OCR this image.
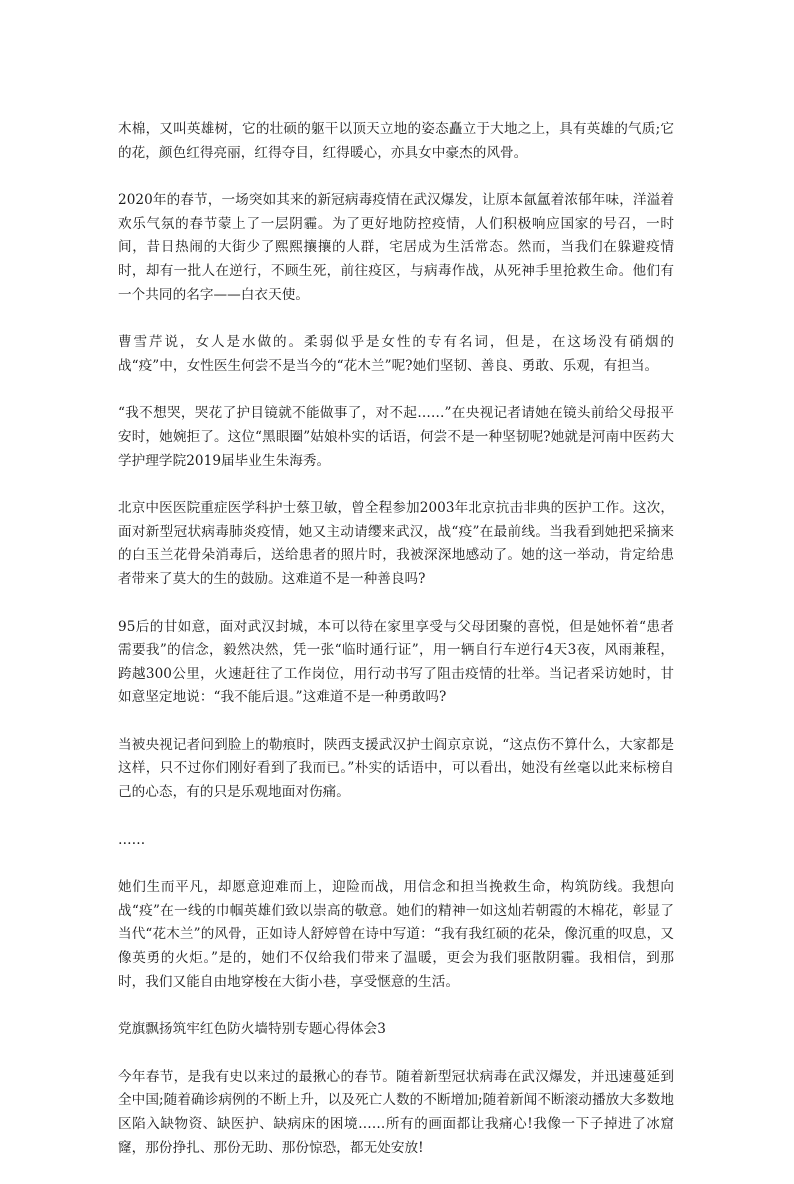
木棉，又叫英雄树，它的壮硕的躯干以顶天立地的姿态矗立于大地之上，具有英雄的气质;它的花，颜色红得亮丽，红得夺目，红得暖心，亦具女中豪杰的风骨。

2020年的春节，一场突如其来的新冠病毒疫情在武汉爆发，让原本氤氲着浓郁年味，洋溢着欢乐气氛的春节蒙上了一层阴霾。为了更好地防控疫情，人们积极响应国家的号召，一时间，昔日热闹的大街少了熙熙攘攘的人群，宅居成为生活常态。然而，当我们在躲避疫情时，却有一批人在逆行，不顾生死，前往疫区，与病毒作战，从死神手里抢救生命。他们有一个共同的名字——白衣天使。

曹雪芹说，女人是水做的。柔弱似乎是女性的专有名词，但是，在这场没有硝烟的战“疫”中，女性医生何尝不是当今的“花木兰”呢?她们坚韧、善良、勇敢、乐观，有担当。

“我不想哭，哭花了护目镜就不能做事了，对不起……”在央视记者请她在镜头前给父母报平安时，她婉拒了。这位“黑眼圈”姑娘朴实的话语，何尝不是一种坚韧呢?她就是河南中医药大学护理学院2019届毕业生朱海秀。

北京中医医院重症医学科护士蔡卫敏，曾全程参加2003年北京抗击非典的医护工作。这次，面对新型冠状病毒肺炎疫情，她又主动请缨来武汉，战“疫”在最前线。当我看到她把采摘来的白玉兰花骨朵消毒后，送给患者的照片时，我被深深地感动了。她的这一举动，肯定给患者带来了莫大的生的鼓励。这难道不是一种善良吗?

95后的甘如意，面对武汉封城，本可以待在家里享受与父母团聚的喜悦，但是她怀着“患者需要我”的信念，毅然决然，凭一张“临时通行证”，用一辆自行车逆行4天3夜，风雨兼程，跨越300公里，火速赶往了工作岗位，用行动书写了阻击疫情的壮举。当记者采访她时，甘如意坚定地说：“我不能后退。”这难道不是一种勇敢吗?

当被央视记者问到脸上的勒痕时，陕西支援武汉护士阎京京说，“这点伤不算什么，大家都是这样，只不过你们刚好看到了我而已。”朴实的话语中，可以看出，她没有丝毫以此来标榜自己的心态，有的只是乐观地面对伤痛。

……

她们生而平凡，却愿意迎难而上，迎险而战，用信念和担当挽救生命，构筑防线。我想向战“疫”在一线的巾帼英雄们致以崇高的敬意。她们的精神一如这灿若朝霞的木棉花，彰显了当代“花木兰”的风骨，正如诗人舒婷曾在诗中写道：“我有我红硕的花朵，像沉重的叹息，又像英勇的火炬。”是的，她们不仅给我们带来了温暖，更会为我们驱散阴霾。我相信，到那时，我们又能自由地穿梭在大街小巷，享受惬意的生活。

党旗飘扬筑牢红色防火墙特别专题心得体会3

今年春节，是我有史以来过的最揪心的春节。随着新型冠状病毒在武汉爆发，并迅速蔓延到全中国;随着确诊病例的不断上升，以及死亡人数的不断增加;随着新闻不断滚动播放大多数地区陷入缺物资、缺医护、缺病床的困境……所有的画面都让我痛心!我像一下子掉进了冰窟窿，那份挣扎、那份无助、那份惊恐，都无处安放!
